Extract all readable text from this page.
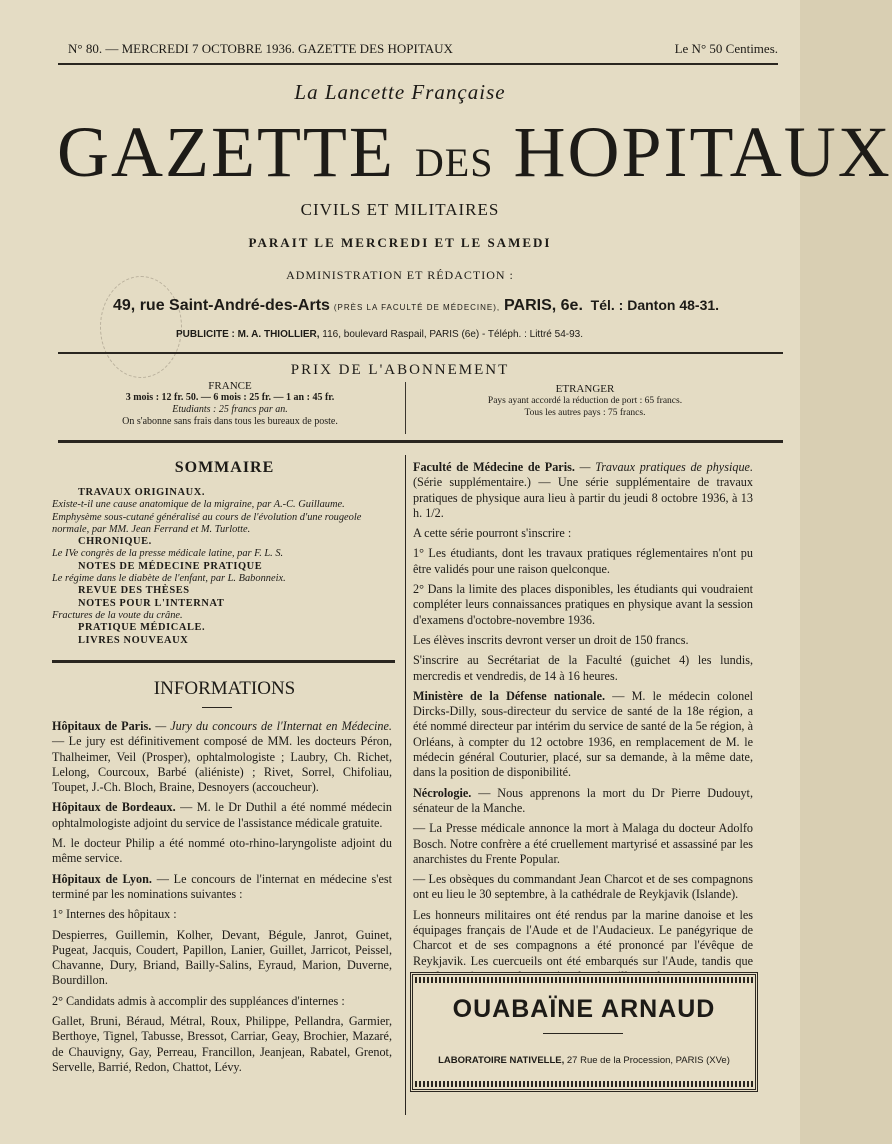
N° 80. — MERCREDI 7 OCTOBRE 1936. GAZETTE DES HOPITAUX	Le N° 50 Centimes.
La Lancette Française
GAZETTE DES HOPITAUX
CIVILS ET MILITAIRES
PARAIT LE MERCREDI ET LE SAMEDI
ADMINISTRATION ET RÉDACTION :
49, rue Saint-André-des-Arts (PRÈS LA FACULTÉ DE MÉDECINE), PARIS, 6e. Tél. : Danton 48-31.
PUBLICITE : M. A. THIOLLIER, 116, boulevard Raspail, PARIS (6e) - Téléph. : Littré 54-93.
PRIX DE L'ABONNEMENT
FRANCE
3 mois : 12 fr. 50. — 6 mois : 25 fr. — 1 an : 45 fr.
Etudiants : 25 francs par an.
On s'abonne sans frais dans tous les bureaux de poste.
ETRANGER
Pays ayant accordé la réduction de port : 65 francs.
Tous les autres pays : 75 francs.
SOMMAIRE
TRAVAUX ORIGINAUX.
Existe-t-il une cause anatomique de la migraine, par A.-C. Guillaume.
Emphysème sous-cutané généralisé au cours de l'évolution d'une rougeole normale, par MM. Jean Ferrand et M. Turlotte.
CHRONIQUE.
Le IVe congrès de la presse médicale latine, par F. L. S.
NOTES DE MÉDECINE PRATIQUE
Le régime dans le diabète de l'enfant, par L. Babonneix.
REVUE DES THÈSES
NOTES POUR L'INTERNAT
Fractures de la voute du crâne.
PRATIQUE MÉDICALE.
LIVRES NOUVEAUX
INFORMATIONS

Hôpitaux de Paris. — Jury du concours de l'Internat en Médecine. — Le jury est définitivement composé de MM. les docteurs Péron, Thalheimer, Veil (Prosper), ophtalmologiste ; Laubry, Ch. Richet, Lelong, Courcoux, Barbé (aliéniste) ; Rivet, Sorrel, Chifoliau, Toupet, J.-Ch. Bloch, Braine, Desnoyers (accoucheur).

Hôpitaux de Bordeaux. — M. le Dr Duthil a été nommé médecin ophtalmologiste adjoint du service de l'assistance médicale gratuite.

M. le docteur Philip a été nommé oto-rhino-laryngoliste adjoint du même service.

Hôpitaux de Lyon. — Le concours de l'internat en médecine s'est terminé par les nominations suivantes :

1° Internes des hôpitaux :

Despierres, Guillemin, Kolher, Devant, Bégule, Janrot, Guinet, Pugeat, Jacquis, Coudert, Papillon, Lanier, Guillet, Jarricot, Peissel, Chavanne, Dury, Briand, Bailly-Salins, Eyraud, Marion, Duverne, Bourdillon.

2° Candidats admis à accomplir des suppléances d'internes :

Gallet, Bruni, Béraud, Métral, Roux, Philippe, Pellandra, Garmier, Berthoye, Tignel, Tabusse, Bressot, Carriar, Geay, Brochier, Mazaré, de Chauvigny, Gay, Perreau, Francillon, Jeanjean, Rabatel, Grenot, Servelle, Barrié, Redon, Chattot, Lévy.

Faculté de Médecine de Paris. — Travaux pratiques de physique. (Série supplémentaire.) — Une série supplémentaire de travaux pratiques de physique aura lieu à partir du jeudi 8 octobre 1936, à 13 h. 1/2.

A cette série pourront s'inscrire :

1° Les étudiants, dont les travaux pratiques réglementaires n'ont pu être validés pour une raison quelconque.

2° Dans la limite des places disponibles, les étudiants qui voudraient compléter leurs connaissances pratiques en physique avant la session d'examens d'octobre-novembre 1936.

Les élèves inscrits devront verser un droit de 150 francs.

S'inscrire au Secrétariat de la Faculté (guichet 4) les lundis, mercredis et vendredis, de 14 à 16 heures.

Ministère de la Défense nationale. — M. le médecin colonel Dircks-Dilly, sous-directeur du service de santé de la 18e région, a été nommé directeur par intérim du service de santé de la 5e région, à Orléans, à compter du 12 octobre 1936, en remplacement de M. le médecin général Couturier, placé, sur sa demande, à la même date, dans la position de disponibilité.

Nécrologie. — Nous apprenons la mort du Dr Pierre Dudouyt, sénateur de la Manche.

— La Presse médicale annonce la mort à Malaga du docteur Adolfo Bosch. Notre confrère a été cruellement martyrisé et assassiné par les anarchistes du Frente Popular.

— Les obsèques du commandant Jean Charcot et de ses compagnons ont eu lieu le 30 septembre, à la cathédrale de Reykjavik (Islande).

Les honneurs militaires ont été rendus par la marine danoise et les équipages français de l'Aude et de l'Audacieux. Le panégyrique de Charcot et de ses compagnons a été prononcé par l'évêque de Reykjavik. Les cuercueils ont été embarqués sur l'Aude, tandis que

OUABAÏNE ARNAUD
LABORATOIRE NATIVELLE, 27 Rue de la Procession, PARIS (XVe)
